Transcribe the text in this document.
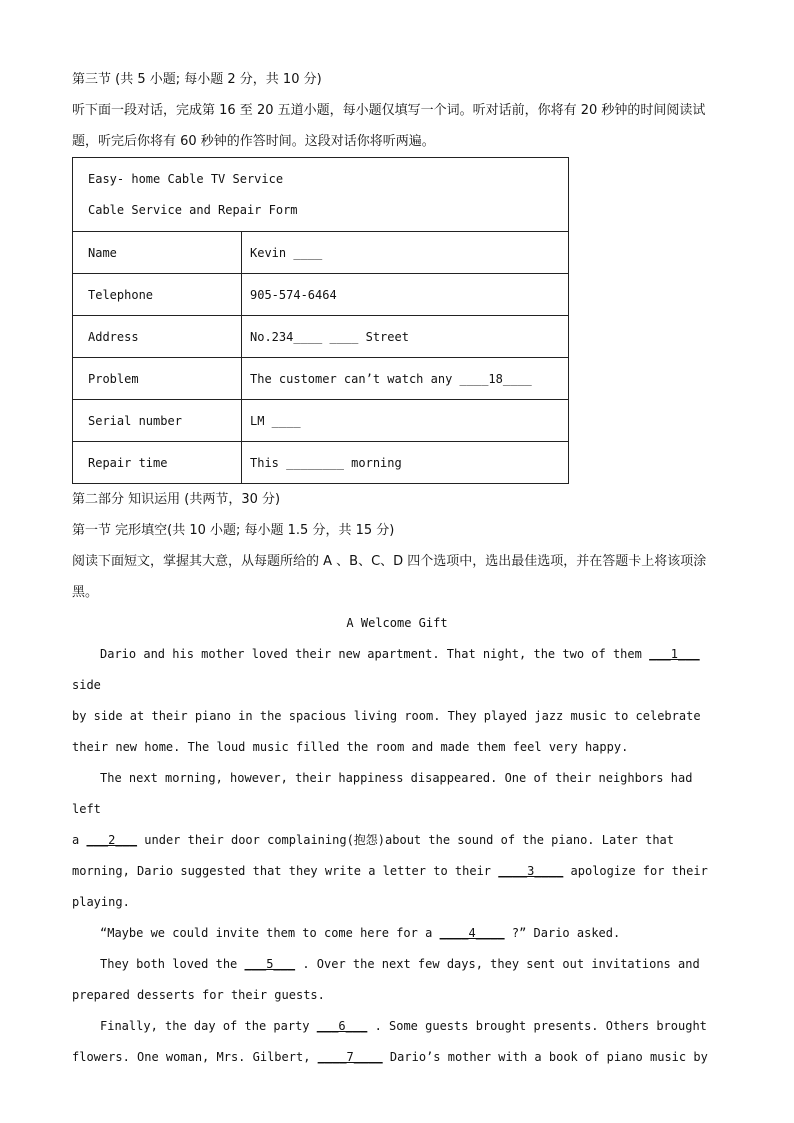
第三节 (共 5 小题; 每小题 2 分，共 10 分)

听下面一段对话，完成第 16 至 20 五道小题，每小题仅填写一个词。听对话前，你将有 20 秒钟的时间阅读试题，听完后你将有 60 秒钟的作答时间。这段对话你将听两遍。

Easy- home Cable TV Service
Cable Service and Repair Form	

Name	Kevin ____
Telephone	905-574-6464
Address	No.234____ ____ Street
Problem	The customer can’t watch any ____18____
Serial number	LM ____
Repair time	This ________ morning

第二部分 知识运用 (共两节，30 分)

第一节 完形填空(共 10 小题; 每小题 1.5 分，共 15 分)

阅读下面短文，掌握其大意，从每题所给的 A 、B、C、D 四个选项中，选出最佳选项，并在答题卡上将该项涂黑。

A Welcome Gift

Dario and his mother loved their new apartment. That night, the two of them ___1___ side

by side at their piano in the spacious living room. They played jazz music to celebrate

their new home. The loud music filled the room and made them feel very happy.

The next morning, however, their happiness disappeared. One of their neighbors had left

a ___2___ under their door complaining(抱怨)about the sound of the piano. Later that

morning, Dario suggested that they write a letter to their ____3____ apologize for their

playing.

“Maybe we could invite them to come here for a ____4____ ?” Dario asked.

They both loved the ___5___ . Over the next few days, they sent out invitations and

prepared desserts for their guests.

Finally, the day of the party ___6___ . Some guests brought presents. Others brought

flowers. One woman, Mrs. Gilbert, ____7____ Dario’s mother with a book of piano music by
